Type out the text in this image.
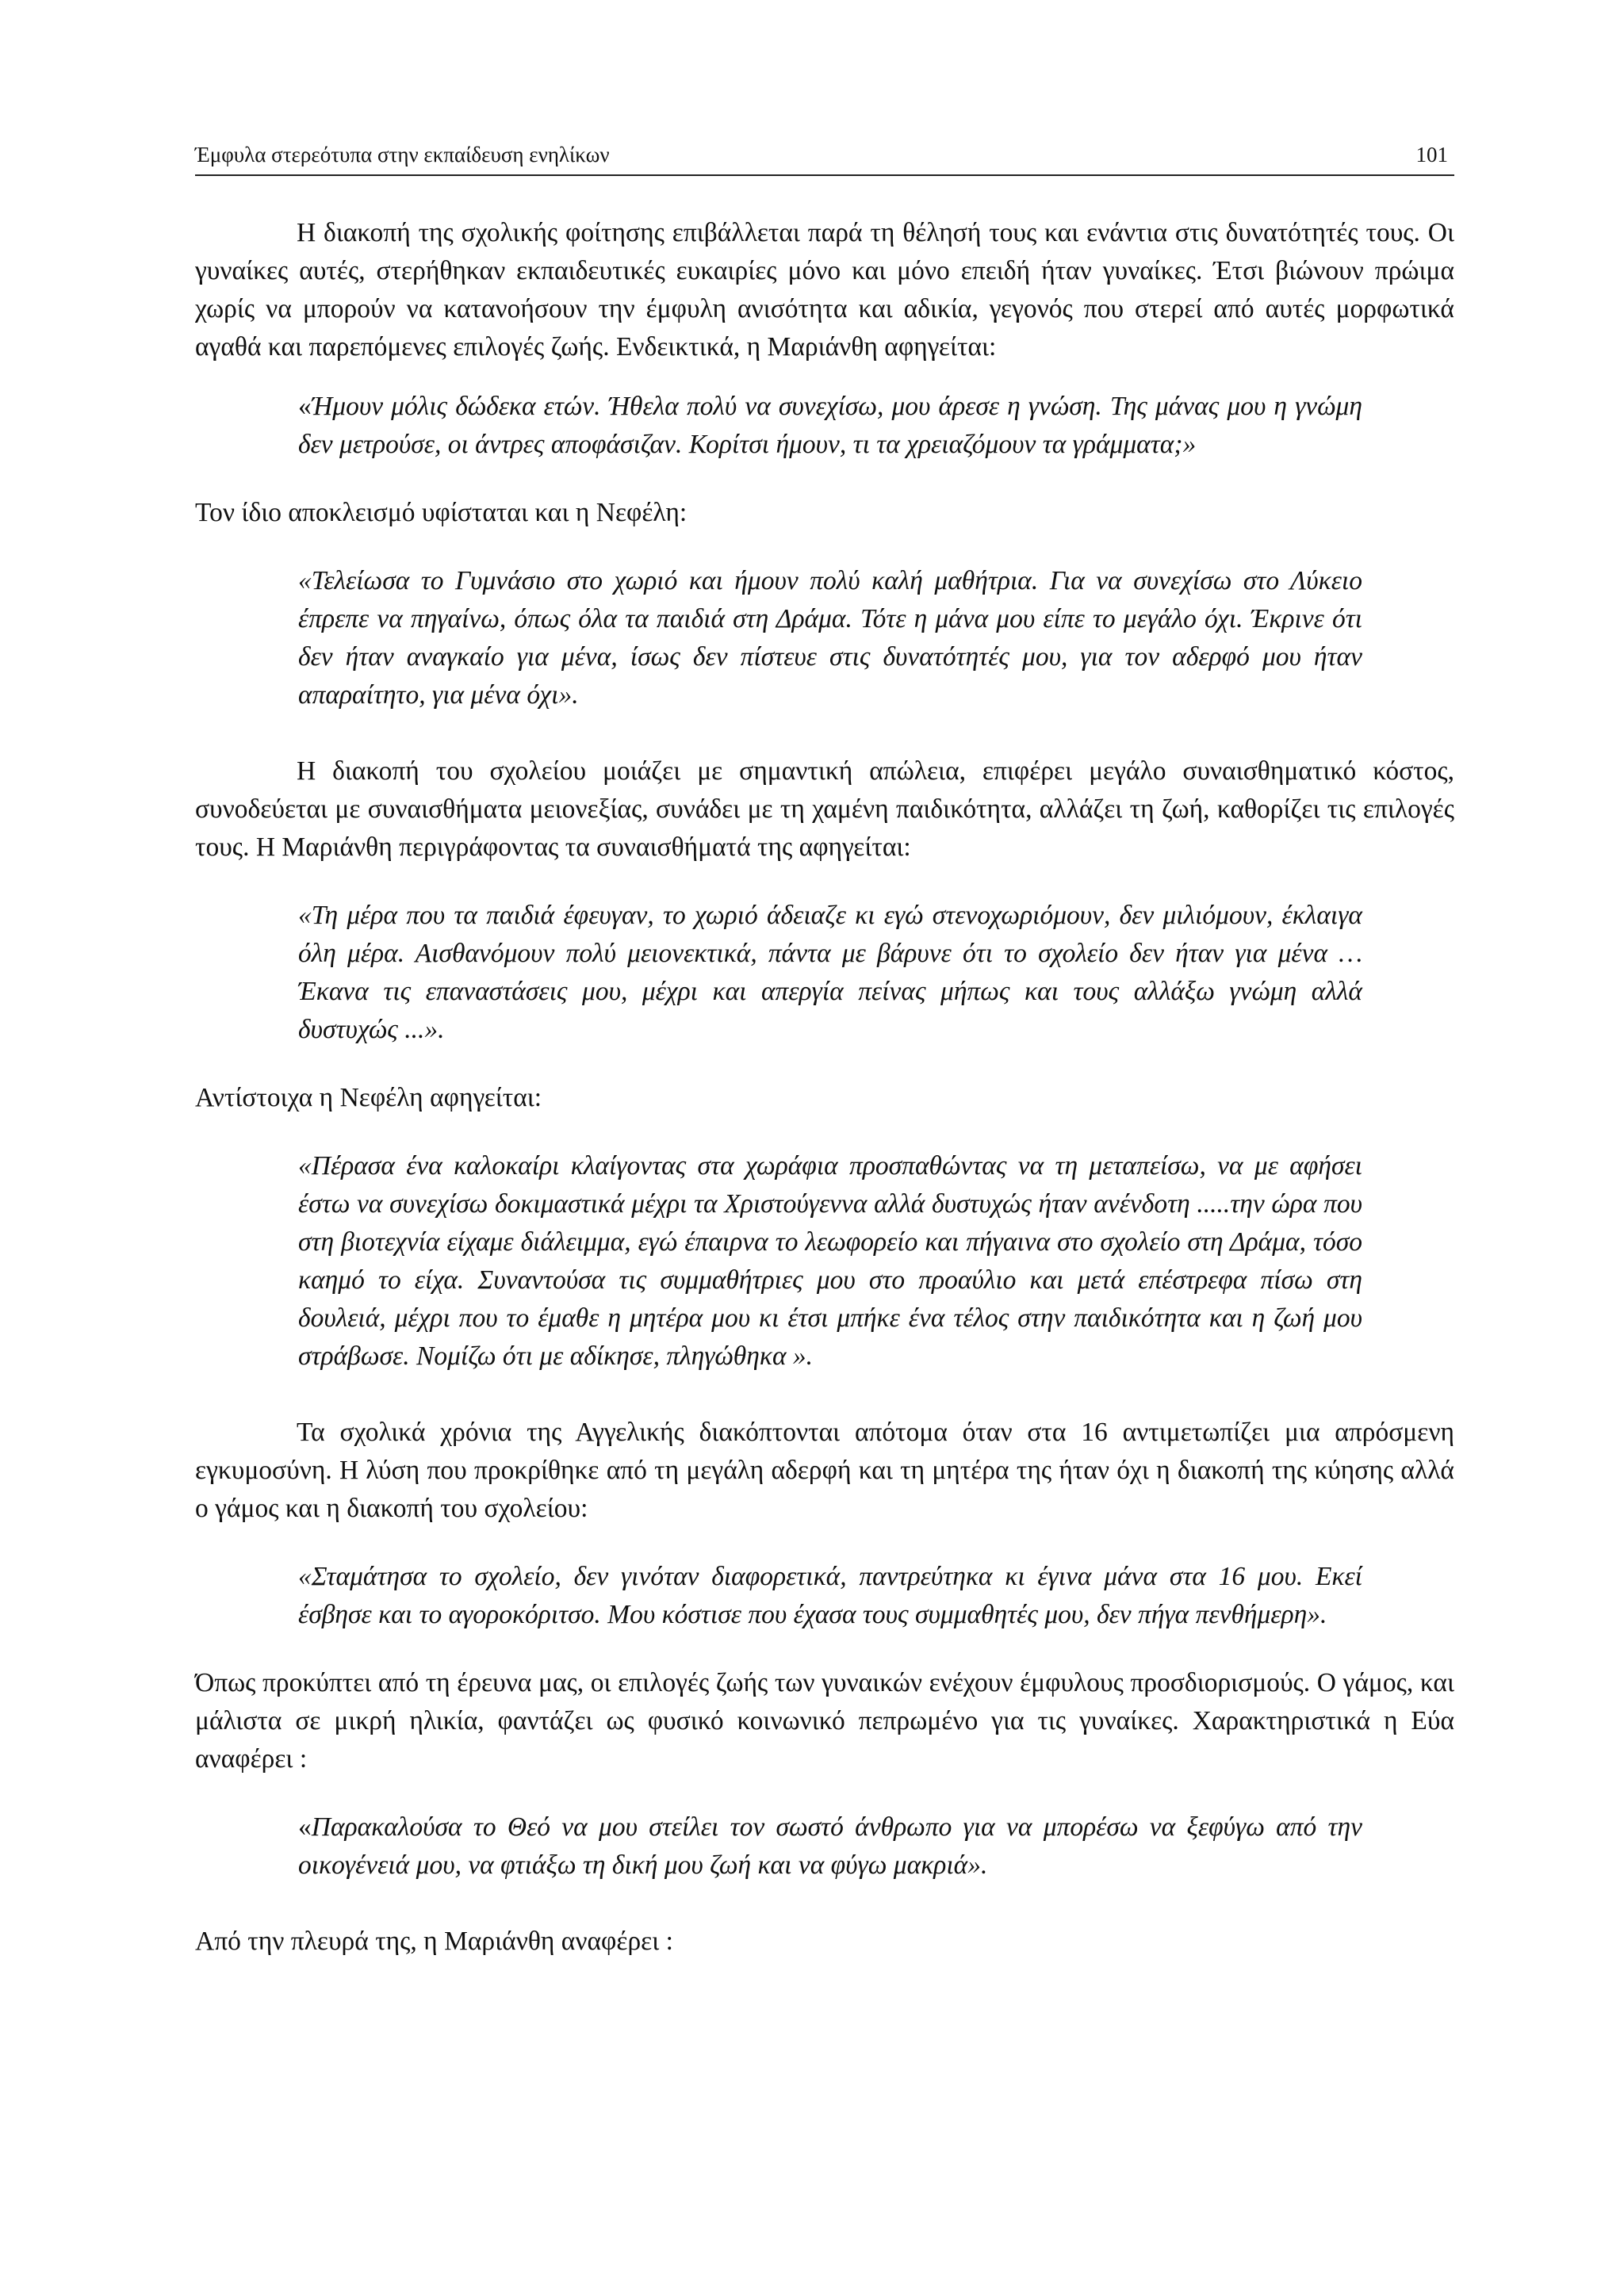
Έμφυλα στερεότυπα στην εκπαίδευση ενηλίκων	101

Η διακοπή της σχολικής φοίτησης επιβάλλεται παρά τη θέλησή τους και ενάντια στις δυνατότητές τους. Οι γυναίκες αυτές, στερήθηκαν εκπαιδευτικές ευκαιρίες μόνο και μόνο επειδή ήταν γυναίκες. Έτσι βιώνουν πρώιμα χωρίς να μπορούν να κατανοήσουν την έμφυλη ανισότητα και αδικία, γεγονός που στερεί από αυτές μορφωτικά αγαθά και παρεπόμενες επιλογές ζωής. Ενδεικτικά, η Μαριάνθη αφηγείται:

«Ήμουν μόλις δώδεκα ετών. Ήθελα πολύ να συνεχίσω, μου άρεσε η γνώση. Της μάνας μου η γνώμη δεν μετρούσε, οι άντρες αποφάσιζαν. Κορίτσι ήμουν, τι τα χρειαζόμουν τα γράμματα;»

Τον ίδιο αποκλεισμό υφίσταται και η Νεφέλη:

«Τελείωσα το Γυμνάσιο στο χωριό και ήμουν πολύ καλή μαθήτρια. Για να συνεχίσω στο Λύκειο έπρεπε να πηγαίνω, όπως όλα τα παιδιά στη Δράμα. Τότε η μάνα μου είπε το μεγάλο όχι. Έκρινε ότι δεν ήταν αναγκαίο για μένα, ίσως δεν πίστευε στις δυνατότητές μου, για τον αδερφό μου ήταν απαραίτητο, για μένα όχι».

Η διακοπή του σχολείου μοιάζει με σημαντική απώλεια, επιφέρει μεγάλο συναισθηματικό κόστος, συνοδεύεται με συναισθήματα μειονεξίας, συνάδει με τη χαμένη παιδικότητα, αλλάζει τη ζωή, καθορίζει τις επιλογές τους. Η Μαριάνθη περιγράφοντας τα συναισθήματά της αφηγείται:

«Τη μέρα που τα παιδιά έφευγαν, το χωριό άδειαζε κι εγώ στενοχωριόμουν, δεν μιλιόμουν, έκλαιγα όλη μέρα. Αισθανόμουν πολύ μειονεκτικά, πάντα με βάρυνε ότι το σχολείο δεν ήταν για μένα …Έκανα τις επαναστάσεις μου, μέχρι και απεργία πείνας μήπως και τους αλλάξω γνώμη αλλά δυστυχώς ...».

Αντίστοιχα η Νεφέλη αφηγείται:

«Πέρασα ένα καλοκαίρι κλαίγοντας στα χωράφια προσπαθώντας να τη μεταπείσω, να με αφήσει έστω να συνεχίσω δοκιμαστικά μέχρι τα Χριστούγεννα αλλά δυστυχώς ήταν ανένδοτη .....την ώρα που στη βιοτεχνία είχαμε διάλειμμα, εγώ έπαιρνα το λεωφορείο και πήγαινα στο σχολείο στη Δράμα, τόσο καημό το είχα. Συναντούσα τις συμμαθήτριες μου στο προαύλιο και μετά επέστρεφα πίσω στη δουλειά, μέχρι που το έμαθε η μητέρα μου κι έτσι μπήκε ένα τέλος στην παιδικότητα και η ζωή μου στράβωσε. Νομίζω ότι με αδίκησε, πληγώθηκα ».

Τα σχολικά χρόνια της Αγγελικής διακόπτονται απότομα όταν στα 16 αντιμετωπίζει μια απρόσμενη εγκυμοσύνη. Η λύση που προκρίθηκε από τη μεγάλη αδερφή και τη μητέρα της ήταν όχι η διακοπή της κύησης αλλά ο γάμος και η διακοπή του σχολείου:

«Σταμάτησα το σχολείο, δεν γινόταν διαφορετικά, παντρεύτηκα κι έγινα μάνα στα 16 μου. Εκεί έσβησε και το αγοροκόριτσο. Μου κόστισε που έχασα τους συμμαθητές μου, δεν πήγα πενθήμερη».

Όπως προκύπτει από τη έρευνα μας, οι επιλογές ζωής των γυναικών ενέχουν έμφυλους προσδιορισμούς. Ο γάμος, και μάλιστα σε μικρή ηλικία, φαντάζει ως φυσικό κοινωνικό πεπρωμένο για τις γυναίκες. Χαρακτηριστικά η Εύα αναφέρει :

«Παρακαλούσα το Θεό να μου στείλει τον σωστό άνθρωπο για να μπορέσω να ξεφύγω από την οικογένειά μου, να φτιάξω τη δική μου ζωή και να φύγω μακριά».

Από την πλευρά της, η Μαριάνθη αναφέρει :
